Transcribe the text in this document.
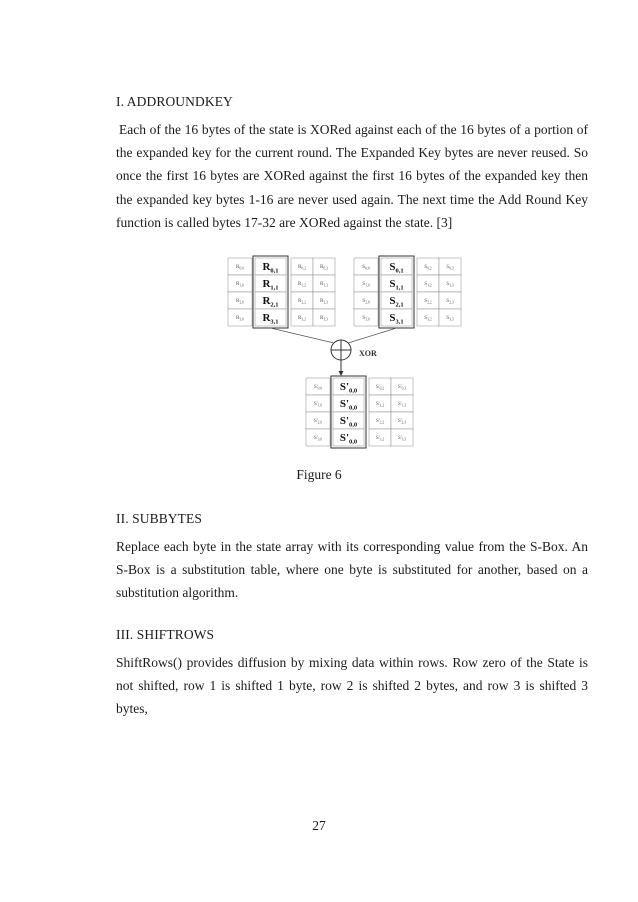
I. ADDROUNDKEY
Each of the 16 bytes of the state is XORed against each of the 16 bytes of a portion of the expanded key for the current round. The Expanded Key bytes are never reused. So once the first 16 bytes are XORed against the first 16 bytes of the expanded key then the expanded key bytes 1-16 are never used again. The next time the Add Round Key function is called bytes 17-32 are XORed against the state. [3]
$R_{0,0}$
$R_{1,0}$
$R_{2,0}$
$R_{3,0}$
$R_{0,1}$
$R_{1,1}$
$R_{2,1}$
$R_{3,1}$
$R_{0,2}$
$R_{1,2}$
$R_{2,2}$
$R_{3,2}$
$R_{0,3}$
$R_{1,3}$
$R_{2,3}$
$R_{3,3}$
$S_{0,0}$
$S_{1,0}$
$S_{2,0}$
$S_{3,0}$
$S_{0,1}$
$S_{1,1}$
$S_{2,1}$
$S_{3,1}$
$S_{0,2}$
$S_{1,2}$
$S_{2,2}$
$S_{3,2}$
$S_{0,3}$
$S_{1,3}$
$S_{2,3}$
$S_{3,3}$
$S'_{0,0}$
$S'_{1,0}$
$S'_{2,0}$
$S'_{3,0}$
$S'_{0,0}$
$S'_{0,0}$
$S'_{0,0}$
$S'_{0,0}$
$S'_{0,2}$
$S'_{1,2}$
$S'_{2,2}$
$S'_{3,2}$
$S'_{0,3}$
$S'_{1,3}$
$S'_{2,3}$
$S'_{3,3}$
XOR
Figure 6
II. SUBBYTES
Replace each byte in the state array with its corresponding value from the S-Box. An S-Box is a substitution table, where one byte is substituted for another, based on a substitution algorithm.
III. SHIFTROWS
ShiftRows() provides diffusion by mixing data within rows. Row zero of the State is not shifted, row 1 is shifted 1 byte, row 2 is shifted 2 bytes, and row 3 is shifted 3 bytes,
27
